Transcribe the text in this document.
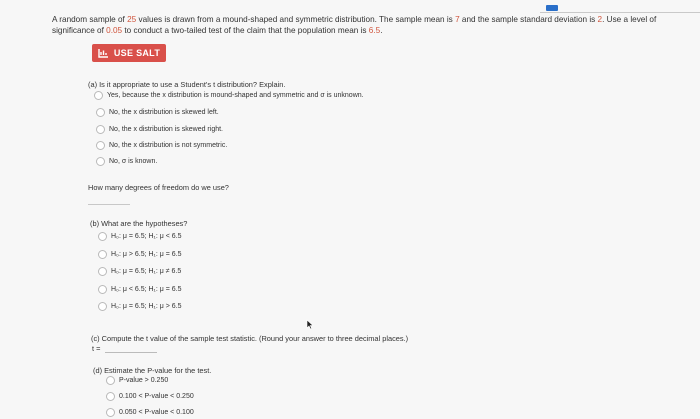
A random sample of 25 values is drawn from a mound-shaped and symmetric distribution. The sample mean is 7 and the sample standard deviation is 2. Use a level of significance of 0.05 to conduct a two-tailed test of the claim that the population mean is 6.5.
USE SALT
(a) Is it appropriate to use a Student's t distribution? Explain.
Yes, because the x distribution is mound-shaped and symmetric and σ is unknown.
No, the x distribution is skewed left.
No, the x distribution is skewed right.
No, the x distribution is not symmetric.
No, σ is known.
How many degrees of freedom do we use?
(b) What are the hypotheses?
H₀: μ = 6.5; H₁: μ < 6.5
H₀: μ > 6.5; H₁: μ = 6.5
H₀: μ = 6.5; H₁: μ ≠ 6.5
H₀: μ < 6.5; H₁: μ = 6.5
H₀: μ = 6.5; H₁: μ > 6.5
(c) Compute the t value of the sample test statistic. (Round your answer to three decimal places.)
t =
(d) Estimate the P-value for the test.
P-value > 0.250
0.100 < P-value < 0.250
0.050 < P-value < 0.100
